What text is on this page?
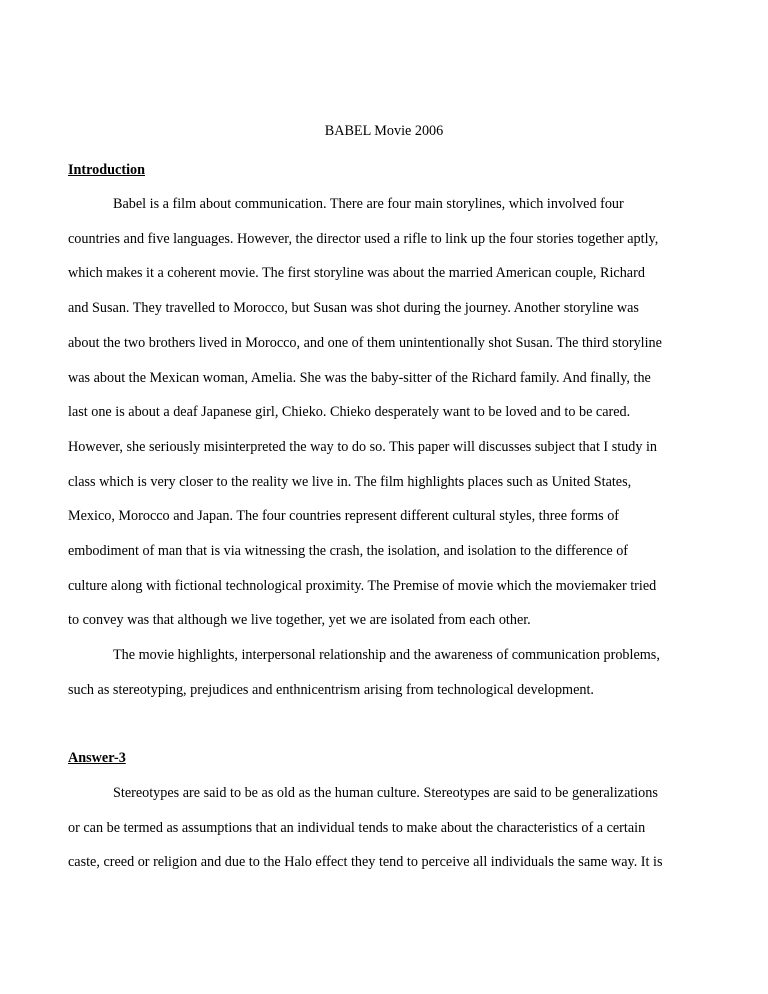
BABEL Movie 2006
Introduction
Babel is a film about communication. There are four main storylines, which involved four
countries and five languages. However, the director used a rifle to link up the four stories together aptly,
which makes it a coherent movie. The first storyline was about the married American couple, Richard
and Susan. They travelled to Morocco, but Susan was shot during the journey. Another storyline was
about the two brothers lived in Morocco, and one of them unintentionally shot Susan. The third storyline
was about the Mexican woman, Amelia. She was the baby-sitter of the Richard family. And finally, the
last one is about a deaf Japanese girl, Chieko. Chieko desperately want to be loved and to be cared.
However, she seriously misinterpreted the way to do so. This paper will discusses subject that I study in
class which is very closer to the reality we live in. The film highlights places such as United States,
Mexico, Morocco and Japan. The four countries represent different cultural styles, three forms of
embodiment of man that is via witnessing the crash, the isolation, and isolation to the difference of
culture along with fictional technological proximity. The Premise of movie which the moviemaker tried
to convey was that although we live together, yet we are isolated from each other.
The movie highlights, interpersonal relationship and the awareness of communication problems,
such as stereotyping, prejudices and enthnicentrism arising from technological development.
Answer-3
Stereotypes are said to be as old as the human culture. Stereotypes are said to be generalizations
or can be termed as assumptions that an individual tends to make about the characteristics of a certain
caste, creed or religion and due to the Halo effect they tend to perceive all individuals the same way. It is
